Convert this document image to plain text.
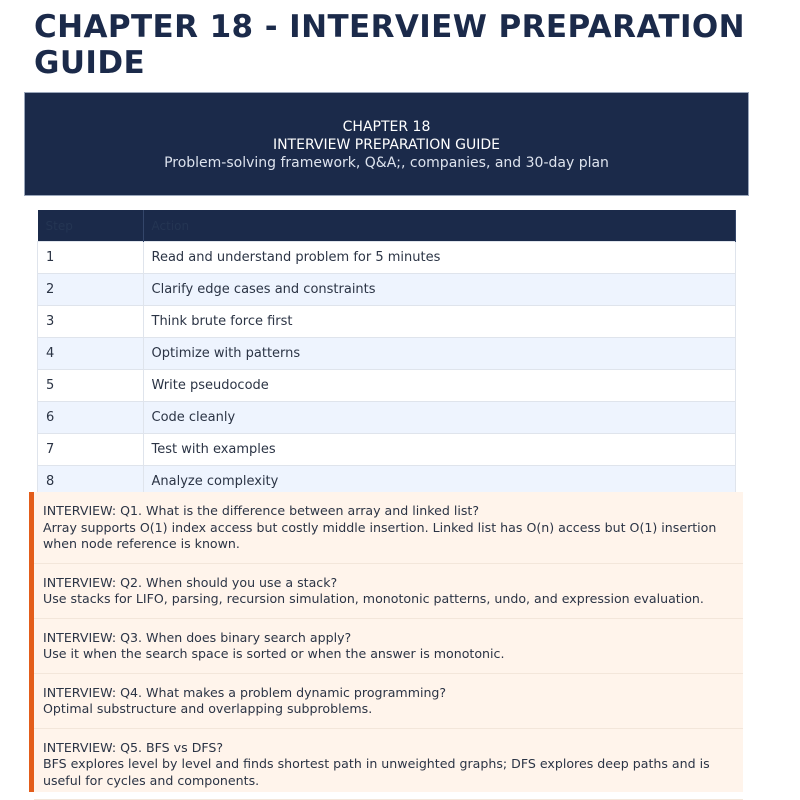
CHAPTER 18 - INTERVIEW PREPARATION GUIDE
CHAPTER 18
INTERVIEW PREPARATION GUIDE
Problem-solving framework, Q&A;, companies, and 30-day plan
Step	Action
1	Read and understand problem for 5 minutes
2	Clarify edge cases and constraints
3	Think brute force first
4	Optimize with patterns
5	Write pseudocode
6	Code cleanly
7	Test with examples
8	Analyze complexity
INTERVIEW: Q1. What is the difference between array and linked list?
Array supports O(1) index access but costly middle insertion. Linked list has O(n) access but O(1) insertion when node reference is known.
INTERVIEW: Q2. When should you use a stack?
Use stacks for LIFO, parsing, recursion simulation, monotonic patterns, undo, and expression evaluation.
INTERVIEW: Q3. When does binary search apply?
Use it when the search space is sorted or when the answer is monotonic.
INTERVIEW: Q4. What makes a problem dynamic programming?
Optimal substructure and overlapping subproblems.
INTERVIEW: Q5. BFS vs DFS?
BFS explores level by level and finds shortest path in unweighted graphs; DFS explores deep paths and is useful for cycles and components.
